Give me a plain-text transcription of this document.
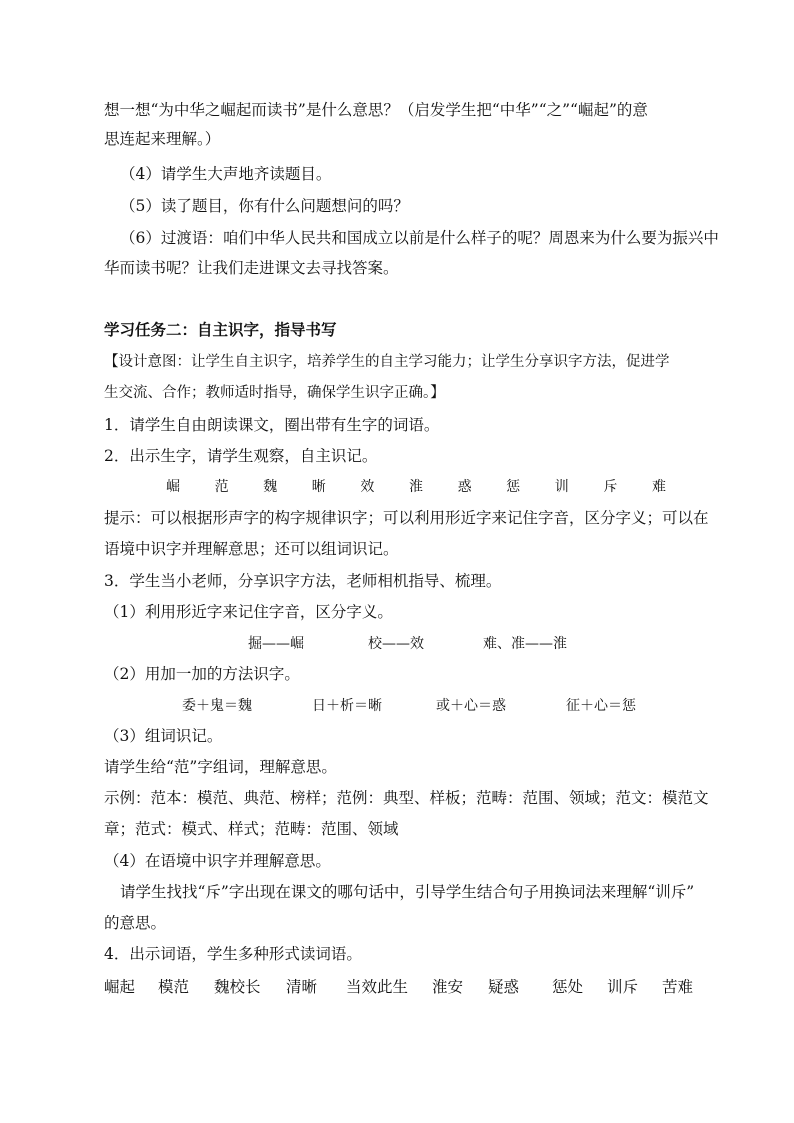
想一想“为中华之崛起而读书”是什么意思？（启发学生把“中华”“之”“崛起”的意
思连起来理解。）
（4）请学生大声地齐读题目。
（5）读了题目，你有什么问题想问的吗？
（6）过渡语：咱们中华人民共和国成立以前是什么样子的呢？周恩来为什么要为振兴中
华而读书呢？让我们走进课文去寻找答案。
学习任务二：自主识字，指导书写
【设计意图：让学生自主识字，培养学生的自主学习能力；让学生分享识字方法，促进学
生交流、合作；教师适时指导，确保学生识字正确。】
1．请学生自由朗读课文，圈出带有生字的词语。
2．出示生字，请学生观察，自主识记。
崛 范 魏 晰 效 淮 惑 惩 训 斥 难
提示：可以根据形声字的构字规律识字；可以利用形近字来记住字音，区分字义；可以在
语境中识字并理解意思；还可以组词识记。
3．学生当小老师，分享识字方法，老师相机指导、梳理。
（1）利用形近字来记住字音，区分字义。
掘——崛	校——效	难、准——淮
（2）用加一加的方法识字。
委＋鬼＝魏	日＋析＝晰	或＋心＝惑	征＋心＝惩
（3）组词识记。
请学生给“范”字组词，理解意思。
示例：范本：模范、典范、榜样；范例：典型、样板；范畴：范围、领域；范文：模范文
章；范式：模式、样式；范畴：范围、领域
（4）在语境中识字并理解意思。
请学生找找“斥”字出现在课文的哪句话中，引导学生结合句子用换词法来理解“训斥”
的意思。
4．出示词语，学生多种形式读词语。
崛起 模范 魏校长 清晰 当效此生 淮安 疑惑 惩处 训斥 苦难
